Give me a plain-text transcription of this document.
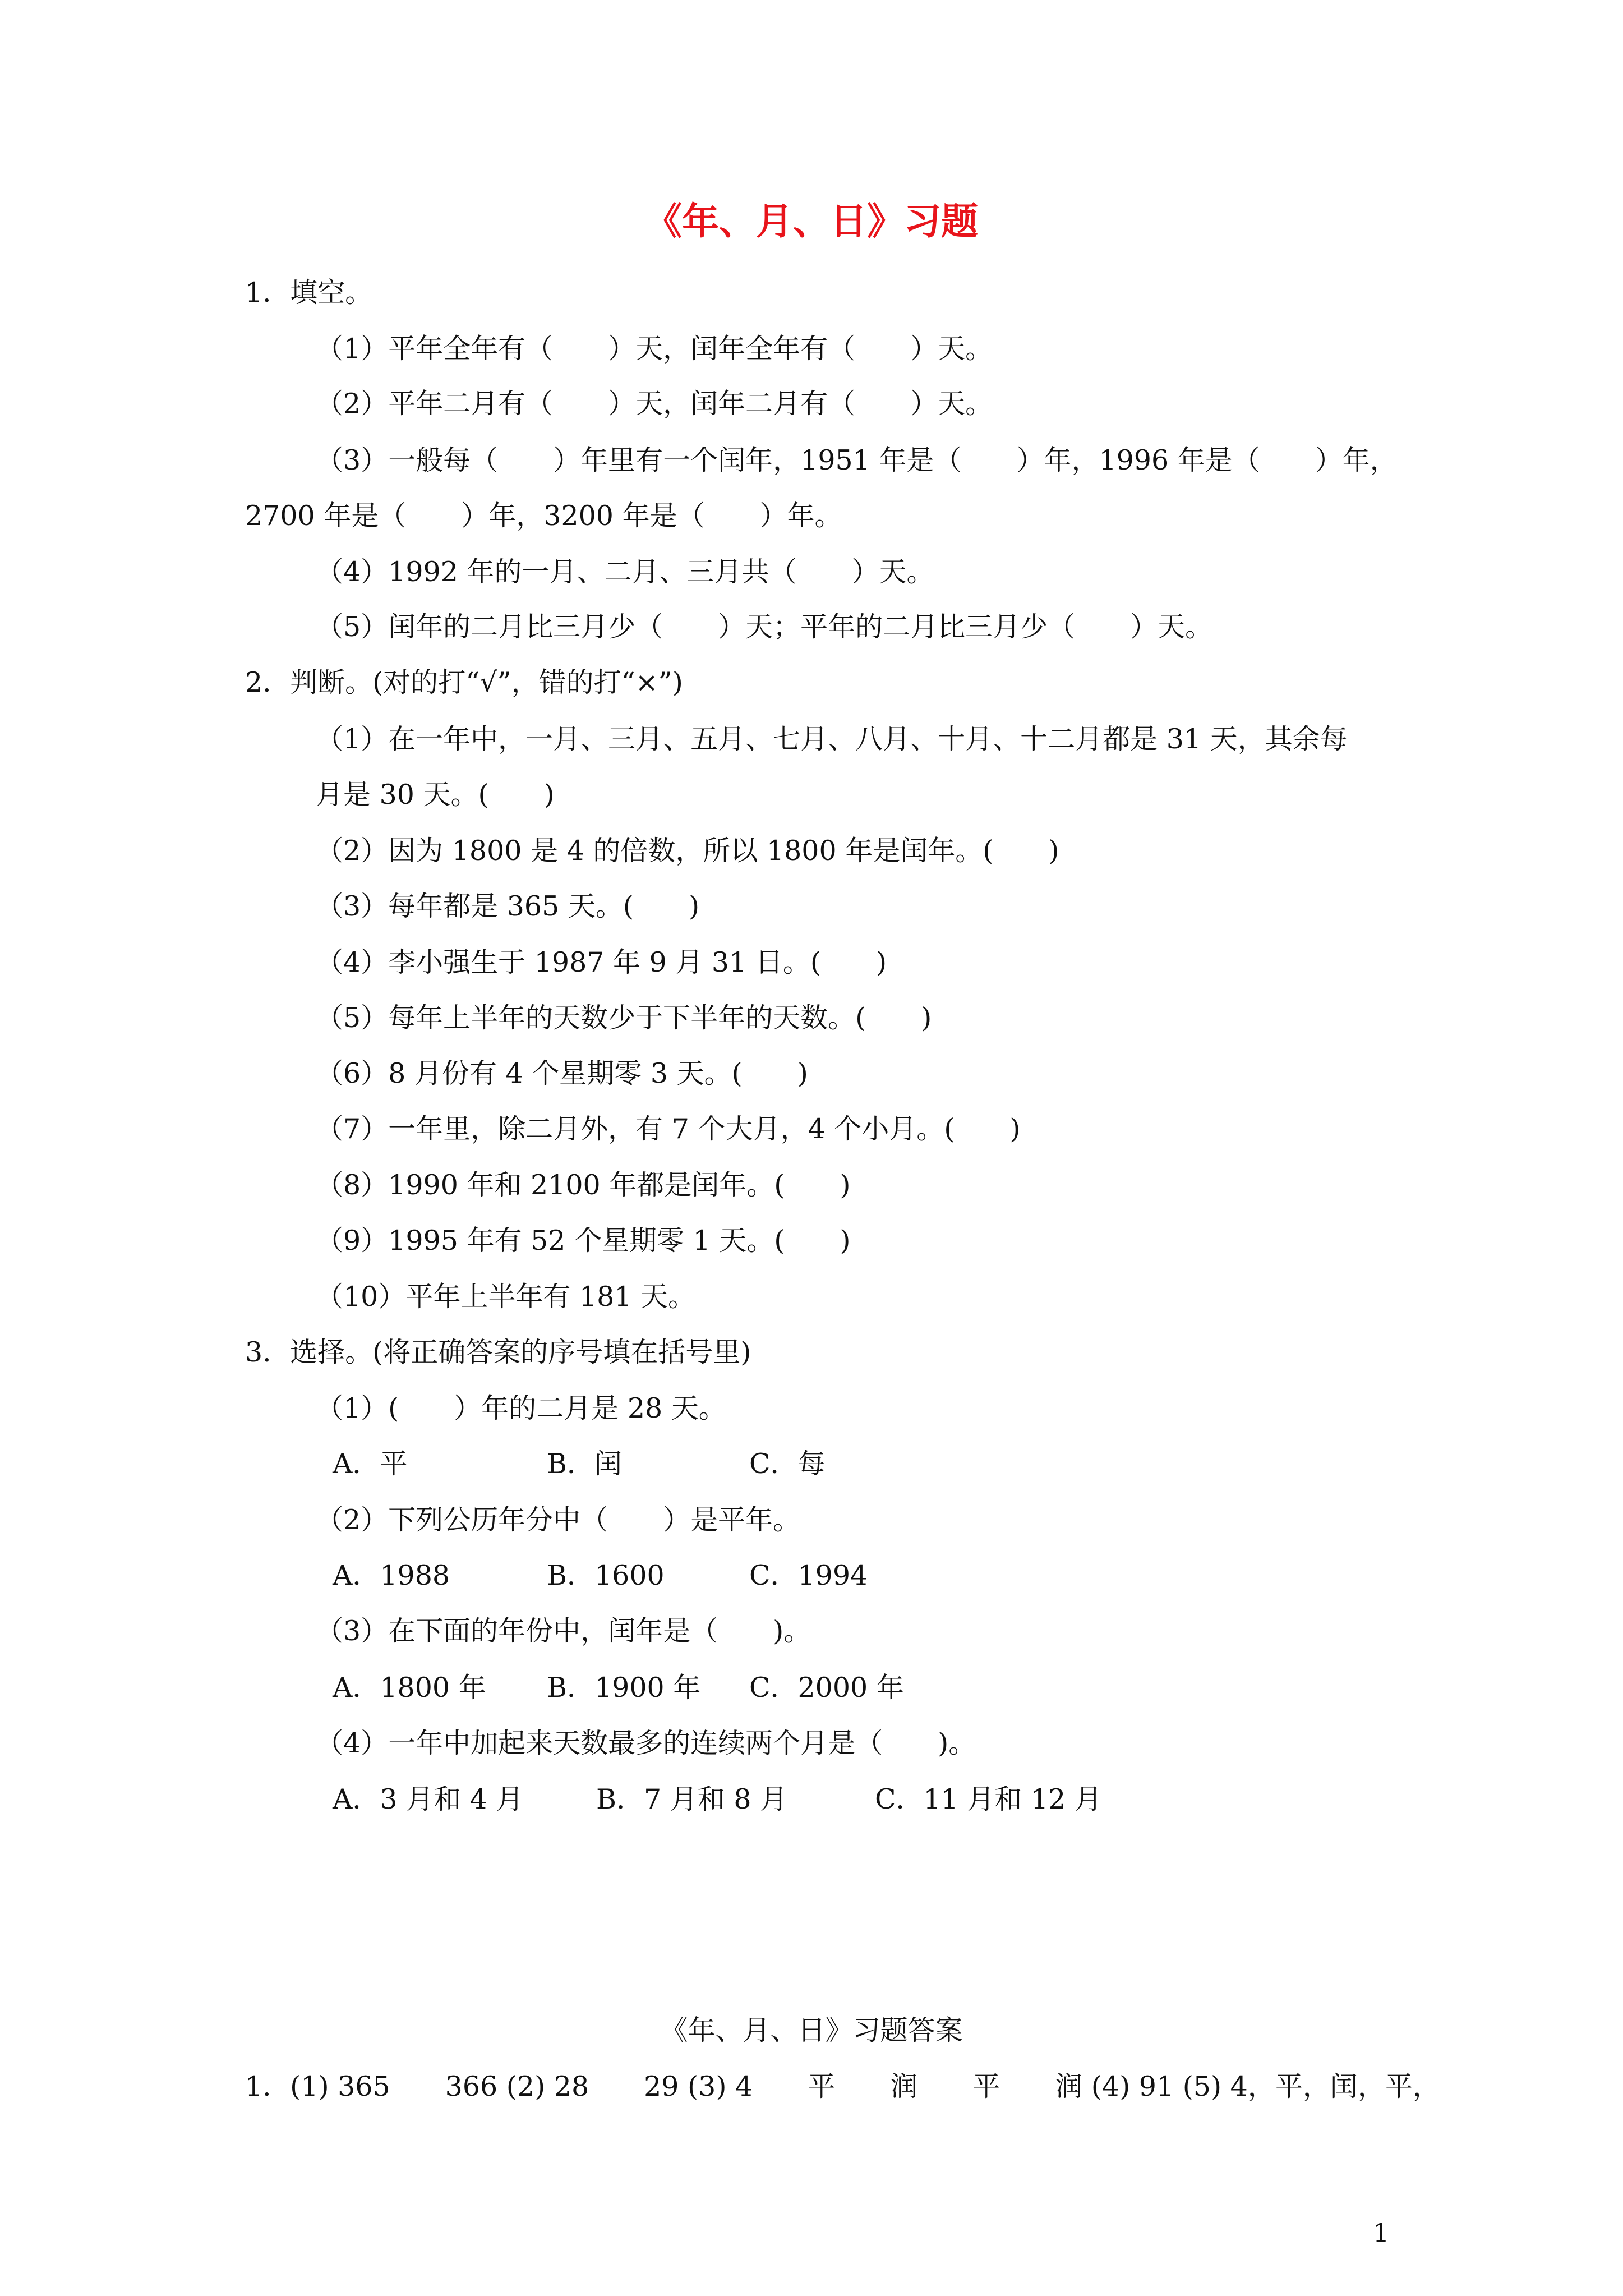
《年、月、日》习题
1．填空。
（1）平年全年有（　　）天，闰年全年有（　　）天。
（2）平年二月有（　　）天，闰年二月有（　　）天。
（3）一般每（　　）年里有一个闰年，1951 年是（　　）年，1996 年是（　　）年，
2700 年是（　　）年，3200 年是（　　）年。
（4）1992 年的一月、二月、三月共（　　）天。
（5）闰年的二月比三月少（　　）天；平年的二月比三月少（　　）天。
2．判断。(对的打“√”，错的打“×”)
（1）在一年中，一月、三月、五月、七月、八月、十月、十二月都是 31 天，其余每
月是 30 天。(　　)
（2）因为 1800 是 4 的倍数，所以 1800 年是闰年。(　　)
（3）每年都是 365 天。(　　)
（4）李小强生于 1987 年 9 月 31 日。(　　)
（5）每年上半年的天数少于下半年的天数。(　　)
（6）8 月份有 4 个星期零 3 天。(　　)
（7）一年里，除二月外，有 7 个大月，4 个小月。(　　)
（8）1990 年和 2100 年都是闰年。(　　)
（9）1995 年有 52 个星期零 1 天。(　　)
（10）平年上半年有 181 天。
3．选择。(将正确答案的序号填在括号里)
（1）(　　）年的二月是 28 天。
A．平	B．闰	C．每
（2）下列公历年分中（　　）是平年。
A．1988	B．1600	C．1994
（3）在下面的年份中，闰年是（　　)。
A．1800 年 B．1900 年 C．2000 年
（4）一年中加起来天数最多的连续两个月是（　　)。
A．3 月和 4 月	B．7 月和 8 月	C．11 月和 12 月
《年、月、日》习题答案
1．(1) 365　　366 (2) 28　　29 (3) 4　　平　　润　　平　　润 (4) 91 (5) 4，平，闰，平，
1
